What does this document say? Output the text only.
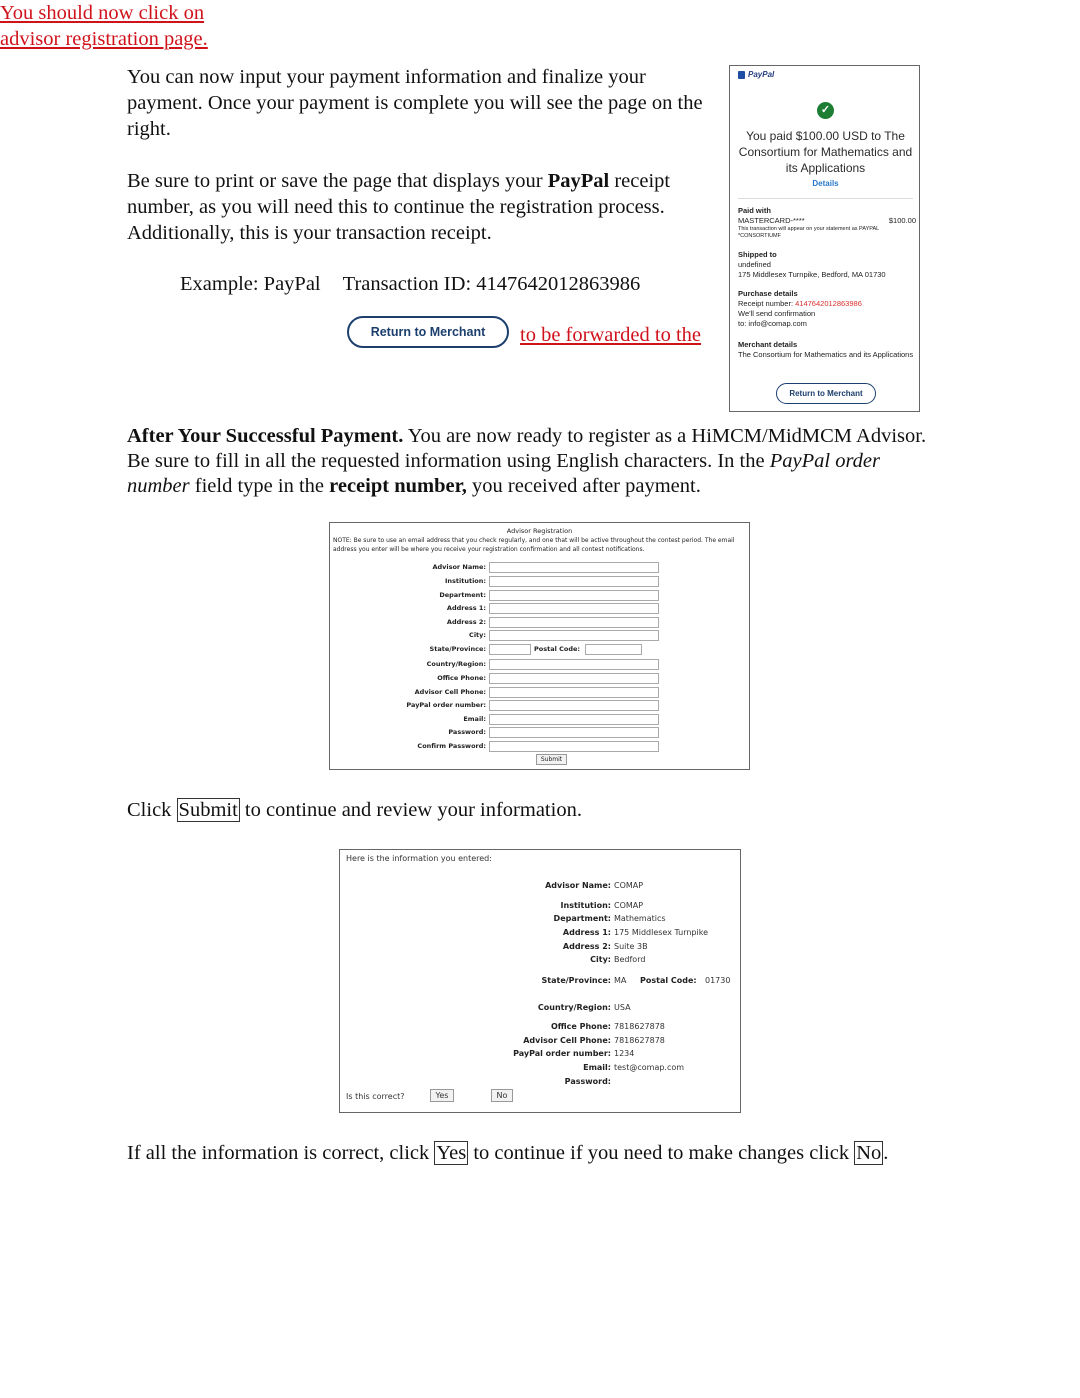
You can now input your payment information and finalize your payment. Once your payment is complete you will see the page on the right.
Be sure to print or save the page that displays your PayPal receipt number, as you will need this to continue the registration process. Additionally, this is your transaction receipt.
Example: PayPal Transaction ID: 4147642012863986
You should now click on
Return to Merchant	to be forwarded to the
advisor registration page.
PayPal
✓
You paid $100.00 USD to The Consortium for Mathematics and its Applications
Details
Paid with
MASTERCARD-****	$100.00
This transaction will appear on your statement as PAYPAL *CONSORTIUMF
Shipped to
undefined
175 Middlesex Turnpike, Bedford, MA 01730
Purchase details
Receipt number: 4147642012863986
We'll send confirmation
to: info@comap.com
Merchant details
The Consortium for Mathematics and its Applications
Return to Merchant
After Your Successful Payment. You are now ready to register as a HiMCM/MidMCM Advisor. Be sure to fill in all the requested information using English characters. In the PayPal order number field type in the receipt number, you received after payment.
Advisor Registration
NOTE: Be sure to use an email address that you check regularly, and one that will be active throughout the contest period. The email address you enter will be where you receive your registration confirmation and all contest notifications.
Advisor Name:
Institution:
Department:
Address 1:
Address 2:
City:
State/Province:	Postal Code:
Country/Region:
Office Phone:
Advisor Cell Phone:
PayPal order number:
Email:
Password:
Confirm Password:
Submit
Click Submit to continue and review your information.
Here is the information you entered:
Advisor Name: COMAP
Institution: COMAP
Department: Mathematics
Address 1: 175 Middlesex Turnpike
Address 2: Suite 3B
City: Bedford
State/Province: MA Postal Code: 01730
Country/Region: USA
Office Phone: 7818627878
Advisor Cell Phone: 7818627878
PayPal order number: 1234
Email: test@comap.com
Password:
Is this correct?	Yes	No
If all the information is correct, click Yes to continue if you need to make changes click No.
